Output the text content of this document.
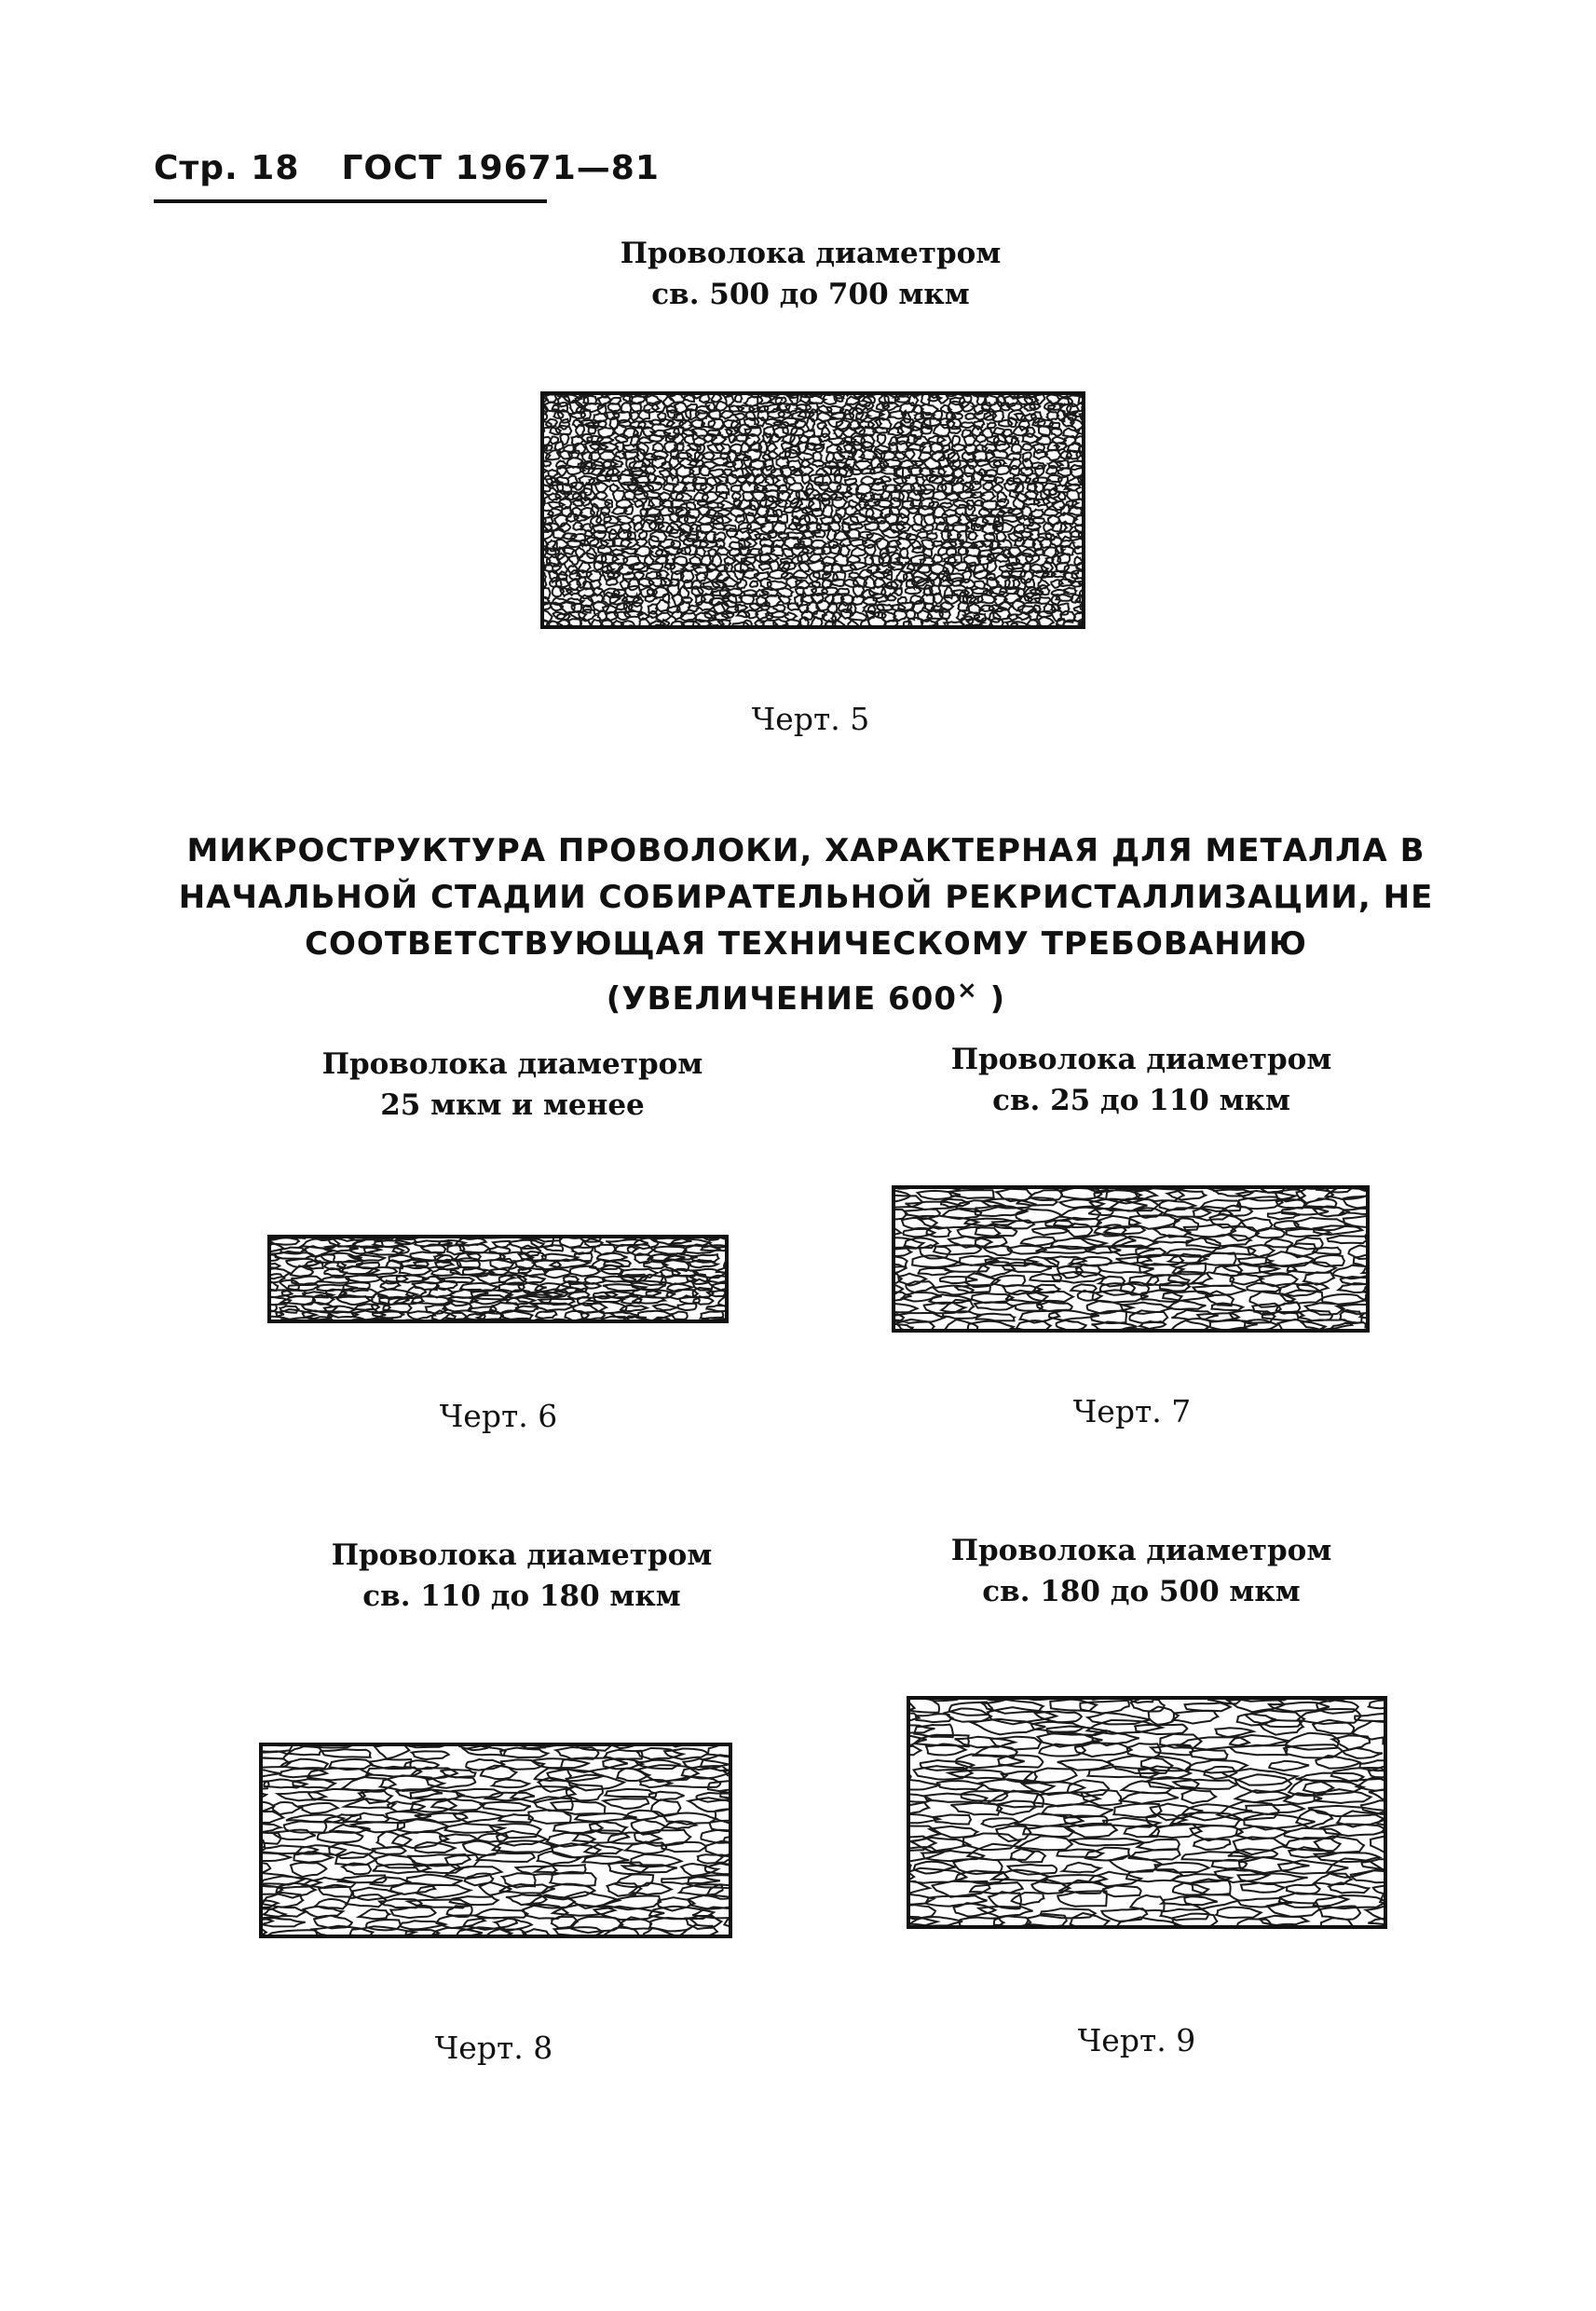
Стр. 18 ГОСТ 19671—81
Проволока диаметром
св. 500 до 700 мкм
Черт. 5
МИКРОСТРУКТУРА ПРОВОЛОКИ, ХАРАКТЕРНАЯ ДЛЯ МЕТАЛЛА В
НАЧАЛЬНОЙ СТАДИИ СОБИРАТЕЛЬНОЙ РЕКРИСТАЛЛИЗАЦИИ, НЕ
СООТВЕТСТВУЮЩАЯ ТЕХНИЧЕСКОМУ ТРЕБОВАНИЮ
(УВЕЛИЧЕНИЕ 600× )
Проволока диаметром
25 мкм и менее
Черт. 6
Проволока диаметром
св. 25 до 110 мкм
Черт. 7
Проволока диаметром
св. 110 до 180 мкм
Черт. 8
Проволока диаметром
св. 180 до 500 мкм
Черт. 9
